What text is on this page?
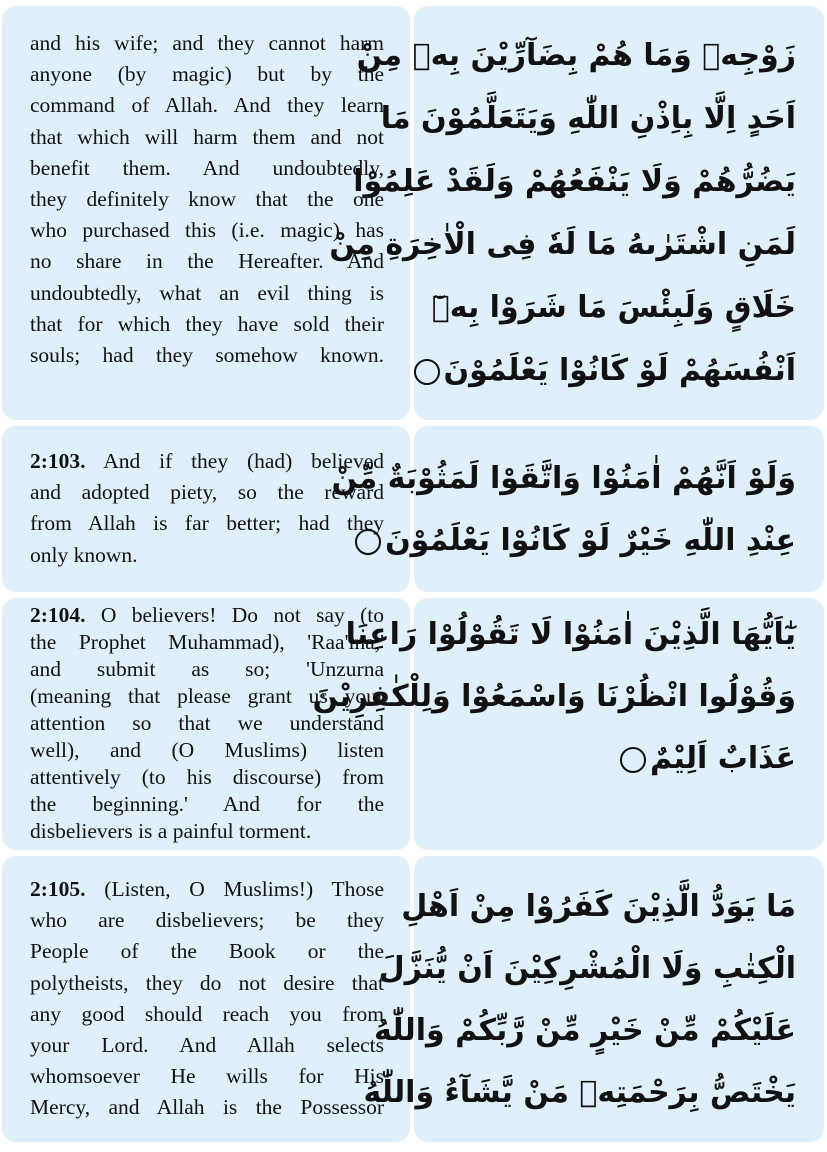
and his wife; and they cannot harm
anyone (by magic) but by the
command of Allah. And they learn
that which will harm them and not
benefit them. And undoubtedly,
they definitely know that the one
who purchased this (i.e. magic) has
no share in the Hereafter. And
undoubtedly, what an evil thing is
that for which they have sold their
souls; had they somehow known.
زَوْجِهٖ وَمَا هُمْ بِضَآرِّيْنَ بِهٖ مِنْ
اَحَدٍ اِلَّا بِاِذْنِ اللّٰهِ وَيَتَعَلَّمُوْنَ مَا
يَضُرُّهُمْ وَلَا يَنْفَعُهُمْ وَلَقَدْ عَلِمُوْا
لَمَنِ اشْتَرٰىهُ مَا لَهٗ فِى الْاٰخِرَةِ مِنْ
خَلَاقٍ وَلَبِئْسَ مَا شَرَوْا بِهٖٓ
اَنْفُسَهُمْ لَوْ كَانُوْا يَعْلَمُوْنَ
2:103. And if they (had) believed
and adopted piety, so the reward
from Allah is far better; had they
only known.
وَلَوْ اَنَّهُمْ اٰمَنُوْا وَاتَّقَوْا لَمَثُوْبَةٌ مِّنْ
عِنْدِ اللّٰهِ خَيْرٌ لَوْ كَانُوْا يَعْلَمُوْنَ
2:104. O believers! Do not say (to
the Prophet Muhammad), 'Raa'ina,'
and submit as so; 'Unzurna
(meaning that please grant us your
attention so that we understand
well), and (O Muslims) listen
attentively (to his discourse) from
the beginning.' And for the
disbelievers is a painful torment.
يٰٓاَيُّهَا الَّذِيْنَ اٰمَنُوْا لَا تَقُوْلُوْا رَاعِنَا
وَقُوْلُوا انْظُرْنَا وَاسْمَعُوْا وَلِلْكٰفِرِيْنَ
عَذَابٌ اَلِيْمٌ
2:105. (Listen, O Muslims!) Those
who are disbelievers; be they
People of the Book or the
polytheists, they do not desire that
any good should reach you from
your Lord. And Allah selects
whomsoever He wills for His
Mercy, and Allah is the Possessor
مَا يَوَدُّ الَّذِيْنَ كَفَرُوْا مِنْ اَهْلِ
الْكِتٰبِ وَلَا الْمُشْرِكِيْنَ اَنْ يُّنَزَّلَ
عَلَيْكُمْ مِّنْ خَيْرٍ مِّنْ رَّبِّكُمْ وَاللّٰهُ
يَخْتَصُّ بِرَحْمَتِهٖ مَنْ يَّشَآءُ وَاللّٰهُ
